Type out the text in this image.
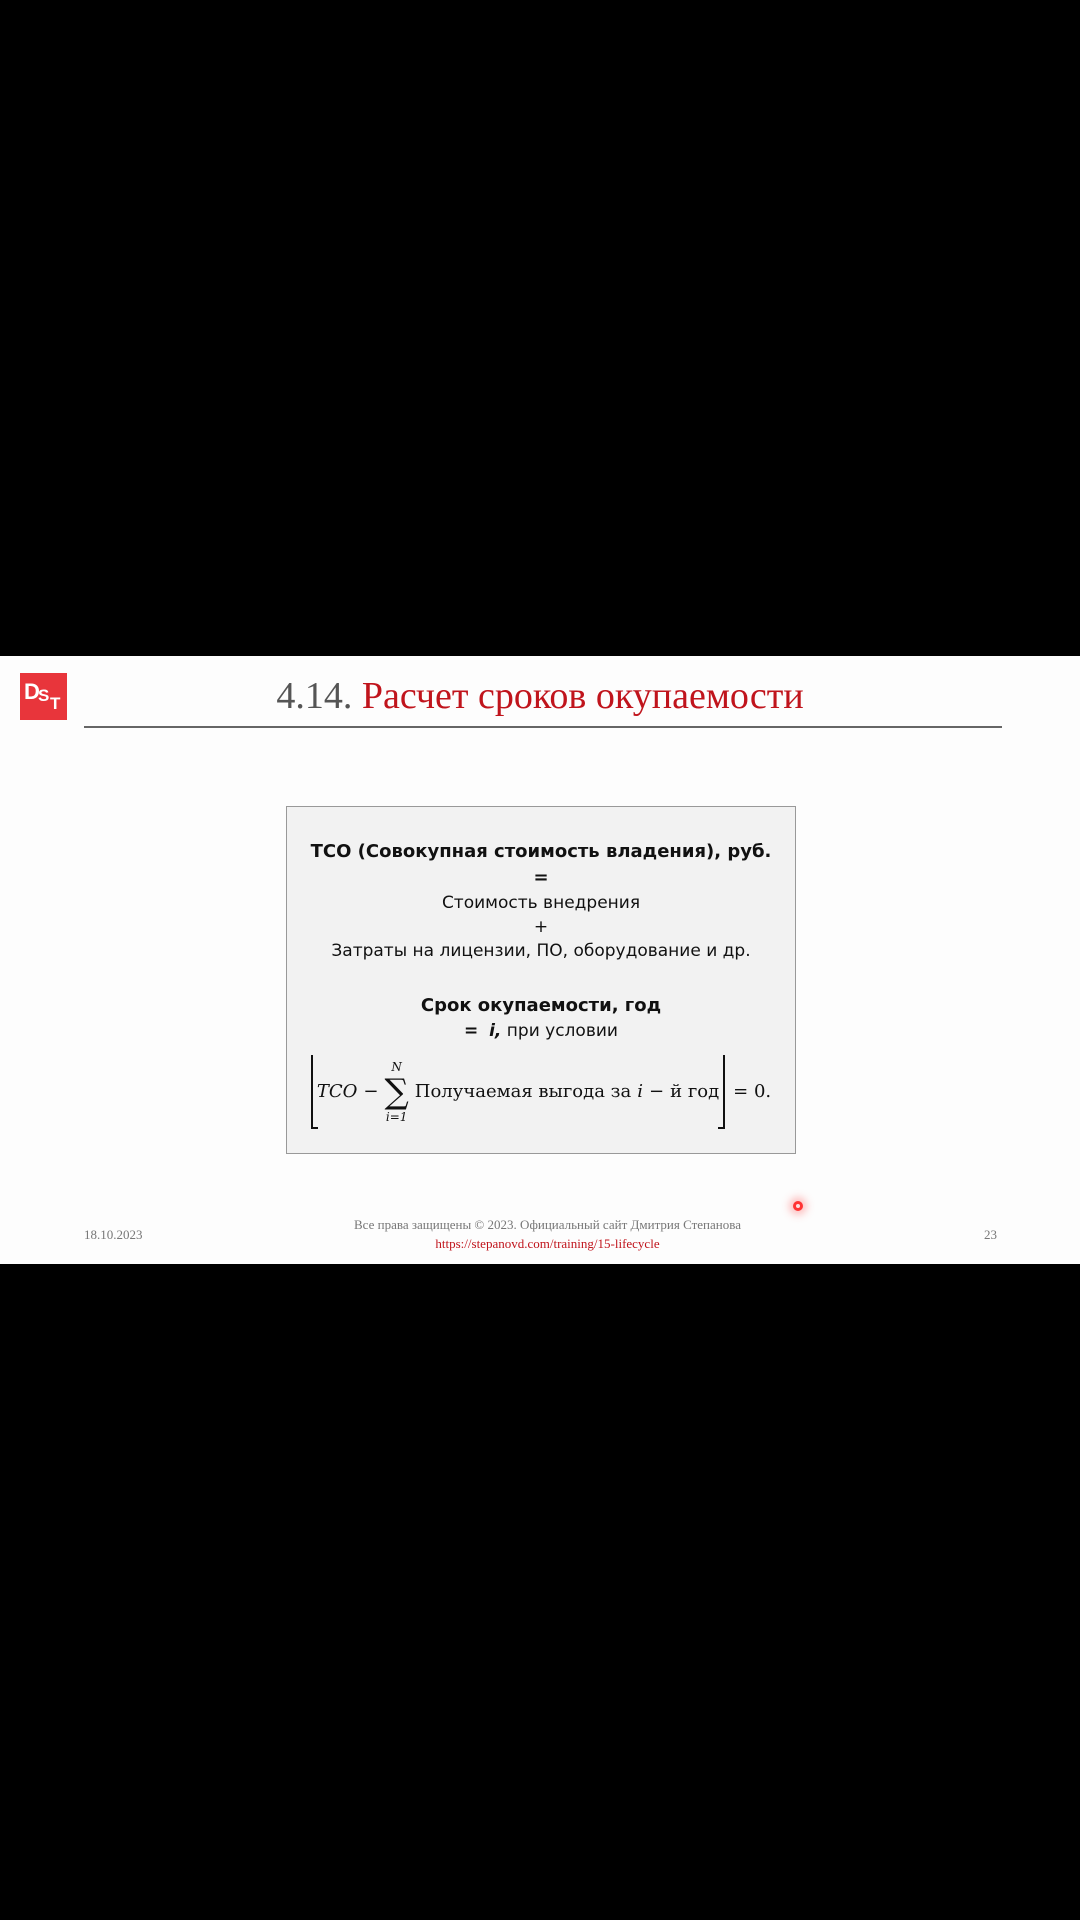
D
S T	4.14. Расчет сроков окупаемости
TCO (Совокупная стоимость владения), руб.
=
Стоимость внедрения
+
Затраты на лицензии, ПО, оборудование и др.
Срок окупаемости, год
= i, при условии
TCO −
N
∑
i=1
Получаемая выгода за i − й год = 0.
18.10.2023
Все права защищены © 2023. Официальный сайт Дмитрия Степанова
https://stepanovd.com/training/15-lifecycle
23
